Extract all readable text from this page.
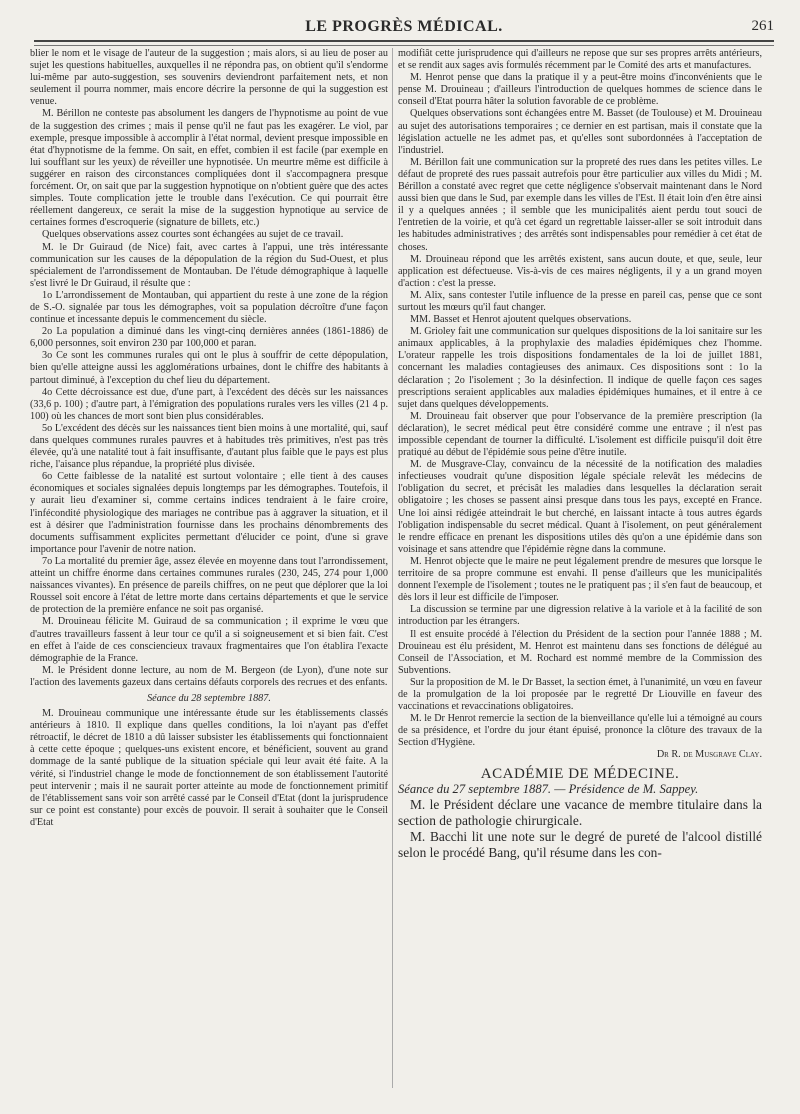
LE PROGRÈS MÉDICAL.	261

blier le nom et le visage de l'auteur de la suggestion ; mais alors, si au lieu de poser au sujet les questions habituelles, auxquelles il ne répondra pas, on obtient qu'il s'endorme lui-même par auto-suggestion, ses souvenirs deviendront parfaitement nets, et non seulement il pourra nommer, mais encore décrire la personne de qui la suggestion est venue.

M. Bérillon ne conteste pas absolument les dangers de l'hypnotisme au point de vue de la suggestion des crimes ; mais il pense qu'il ne faut pas les exagérer. Le viol, par exemple, presque impossible à accomplir à l'état normal, devient presque impossible en état d'hypnotisme de la femme. On sait, en effet, combien il est facile (par exemple en lui soufflant sur les yeux) de réveiller une hypnotisée. Un meurtre même est difficile à suggérer en raison des circonstances compliquées dont il s'accompagnera presque forcément. Or, on sait que par la suggestion hypnotique on n'obtient guère que des actes simples. Toute complication jette le trouble dans l'exécution. Ce qui pourrait être réellement dangereux, ce serait la mise de la suggestion hypnotique au service de certaines formes d'escroquerie (signature de billets, etc.)

Quelques observations assez courtes sont échangées au sujet de ce travail.

M. le Dr Guiraud (de Nice) fait, avec cartes à l'appui, une très intéressante communication sur les causes de la dépopulation de la région du Sud-Ouest, et plus spécialement de l'arrondissement de Montauban. De l'étude démographique à laquelle s'est livré le Dr Guiraud, il résulte que :

1o L'arrondissement de Montauban, qui appartient du reste à une zone de la région de S.-O. signalée par tous les démographes, voit sa population décroître d'une façon continue et incessante depuis le commencement du siècle.

2o La population a diminué dans les vingt-cinq dernières années (1861-1886) de 6,000 personnes, soit environ 230 par 100,000 et paran.

3o Ce sont les communes rurales qui ont le plus à souffrir de cette dépopulation, bien qu'elle atteigne aussi les agglomérations urbaines, dont le chiffre des habitants à partout diminué, à l'exception du chef lieu du département.

4o Cette décroissance est due, d'une part, à l'excédent des décès sur les naissances (33,6 p. 100) ; d'autre part, à l'émigration des populations rurales vers les villes (21 4 p. 100) où les chances de mort sont bien plus considérables.

5o L'excédent des décès sur les naissances tient bien moins à une mortalité, qui, sauf dans quelques communes rurales pauvres et à habitudes très primitives, n'est pas très élevée, qu'à une natalité tout à fait insuffisante, d'autant plus faible que le pays est plus riche, l'aisance plus répandue, la propriété plus divisée.

6o Cette faiblesse de la natalité est surtout volontaire ; elle tient à des causes économiques et sociales signalées depuis longtemps par les démographes. Toutefois, il y aurait lieu d'examiner si, comme certains indices tendraient à le faire croire, l'infécondité physiologique des mariages ne contribue pas à aggraver la situation, et il est à désirer que l'administration fournisse dans les prochains dénombrements des documents suffisamment explicites permettant d'élucider ce point, d'une si grave importance pour l'avenir de notre nation.

7o La mortalité du premier âge, assez élevée en moyenne dans tout l'arrondissement, atteint un chiffre énorme dans certaines communes rurales (230, 245, 274 pour 1,000 naissances vivantes). En présence de pareils chiffres, on ne peut que déplorer que la loi Roussel soit encore à l'état de lettre morte dans certains départements et que le service de protection de la première enfance ne soit pas organisé.

M. Drouineau félicite M. Guiraud de sa communication ; il exprime le vœu que d'autres travailleurs fassent à leur tour ce qu'il a si soigneusement et si bien fait. C'est en effet à l'aide de ces consciencieux travaux fragmentaires que l'on établira l'exacte démographie de la France.

M. le Président donne lecture, au nom de M. Bergeon (de Lyon), d'une note sur l'action des lavements gazeux dans certains défauts corporels des recrues et des enfants.

Séance du 28 septembre 1887.

M. Drouineau communique une intéressante étude sur les établissements classés antérieurs à 1810. Il explique dans quelles conditions, la loi n'ayant pas d'effet rétroactif, le décret de 1810 a dû laisser subsister les établissements qui fonctionnaient à cette cette époque ; quelques-uns existent encore, et bénéficient, souvent au grand dommage de la santé publique de la situation spéciale qui leur avait été faite. A la vérité, si l'industriel change le mode de fonctionnement de son établissement l'autorité peut intervenir ; mais il ne saurait porter atteinte au mode de fonctionnement primitif de l'établissement sans voir son arrêté cassé par le Conseil d'Etat (dont la jurisprudence sur ce point est constante) pour excès de pouvoir. Il serait à souhaiter que le Conseil d'Etat

modifiât cette jurisprudence qui d'ailleurs ne repose que sur ses propres arrêts antérieurs, et se rendit aux sages avis formulés récemment par le Comité des arts et manufactures.

M. Henrot pense que dans la pratique il y a peut-être moins d'inconvénients que le pense M. Drouineau ; d'ailleurs l'introduction de quelques hommes de science dans le conseil d'Etat pourra hâter la solution favorable de ce problème.

Quelques observations sont échangées entre M. Basset (de Toulouse) et M. Drouineau au sujet des autorisations temporaires ; ce dernier en est partisan, mais il constate que la législation actuelle ne les admet pas, et qu'elles sont subordonnées à l'acceptation de l'industriel.

M. Bérillon fait une communication sur la propreté des rues dans les petites villes. Le défaut de propreté des rues passait autrefois pour être particulier aux villes du Midi ; M. Bérillon a constaté avec regret que cette négligence s'observait maintenant dans le Nord aussi bien que dans le Sud, par exemple dans les villes de l'Est. Il était loin d'en être ainsi il y a quelques années ; il semble que les municipalités aient perdu tout souci de l'entretien de la voirie, et qu'à cet égard un regrettable laisser-aller se soit introduit dans les habitudes administratives ; des arrêtés sont indispensables pour remédier à cet état de choses.

M. Drouineau répond que les arrêtés existent, sans aucun doute, et que, seule, leur application est défectueuse. Vis-à-vis de ces maires négligents, il y a un grand moyen d'action : c'est la presse.

M. Alix, sans contester l'utile influence de la presse en pareil cas, pense que ce sont surtout les mœurs qu'il faut changer.

MM. Basset et Henrot ajoutent quelques observations.

M. Grioley fait une communication sur quelques dispositions de la loi sanitaire sur les animaux applicables, à la prophylaxie des maladies épidémiques chez l'homme. L'orateur rappelle les trois dispositions fondamentales de la loi de juillet 1881, concernant les maladies contagieuses des animaux. Ces dispositions sont : 1o la déclaration ; 2o l'isolement ; 3o la désinfection. Il indique de quelle façon ces sages prescriptions seraient applicables aux maladies épidémiques humaines, et il entre à ce sujet dans quelques développements.

M. Drouineau fait observer que pour l'observance de la première prescription (la déclaration), le secret médical peut être considéré comme une entrave ; il n'est pas impossible cependant de tourner la difficulté. L'isolement est difficile puisqu'il doit être pratiqué au début de l'épidémie sous peine d'être inutile.

M. de Musgrave-Clay, convaincu de la nécessité de la notification des maladies infectieuses voudrait qu'une disposition légale spéciale relevât les médecins de l'obligation du secret, et précisât les maladies dans lesquelles la déclaration serait obligatoire ; les choses se passent ainsi presque dans tous les pays, excepté en France. Une loi ainsi rédigée atteindrait le but cherché, en laissant intacte à tous autres égards l'obligation indispensable du secret médical. Quant à l'isolement, on peut généralement le rendre efficace en prenant les dispositions utiles dès qu'on a une épidémie dans son voisinage et sans attendre que l'épidémie règne dans la commune.

M. Henrot objecte que le maire ne peut légalement prendre de mesures que lorsque le territoire de sa propre commune est envahi. Il pense d'ailleurs que les municipalités donnent l'exemple de l'isolement ; toutes ne le pratiquent pas ; il s'en faut de beaucoup, et dès lors il leur est difficile de l'imposer.

La discussion se termine par une digression relative à la variole et à la facilité de son introduction par les étrangers.

Il est ensuite procédé à l'élection du Président de la section pour l'année 1888 ; M. Drouineau est élu président, M. Henrot est maintenu dans ses fonctions de délégué au Conseil de l'Association, et M. Rochard est nommé membre de la Commission des Subventions.

Sur la proposition de M. le Dr Basset, la section émet, à l'unanimité, un vœu en faveur de la promulgation de la loi proposée par le regretté Dr Liouville en faveur des vaccinations et revaccinations obligatoires.

M. le Dr Henrot remercie la section de la bienveillance qu'elle lui a témoigné au cours de sa présidence, et l'ordre du jour étant épuisé, prononce la clôture des travaux de la Section d'Hygiène.

Dr R. de Musgrave Clay.

ACADÉMIE DE MÉDECINE.

Séance du 27 septembre 1887. — Présidence de M. Sappey.

M. le Président déclare une vacance de membre titulaire dans la section de pathologie chirurgicale.

M. Bacchi lit une note sur le degré de pureté de l'alcool distillé selon le procédé Bang, qu'il résume dans les con-
